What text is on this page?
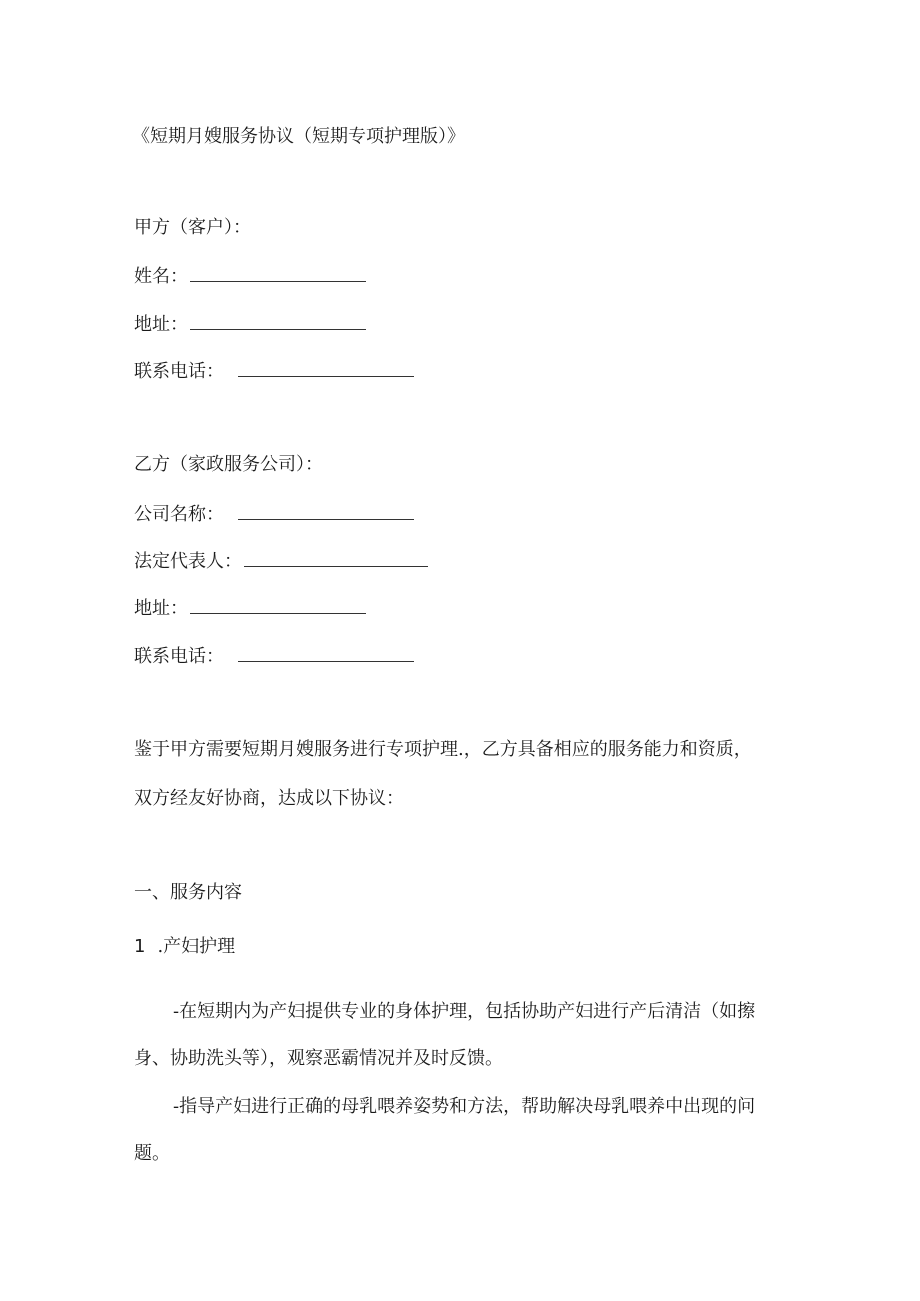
《短期月嫂服务协议（短期专项护理版）》
甲方（客户）：
姓名：
地址：
联系电话：
乙方（家政服务公司）：
公司名称：
法定代表人：
地址：
联系电话：
鉴于甲方需要短期月嫂服务进行专项护理.，乙方具备相应的服务能力和资质，
双方经友好协商，达成以下协议：
一、服务内容
1 .产妇护理
-在短期内为产妇提供专业的身体护理，包括协助产妇进行产后清洁（如擦
身、协助洗头等），观察恶霸情况并及时反馈。
-指导产妇进行正确的母乳喂养姿势和方法，帮助解决母乳喂养中出现的问
题。
